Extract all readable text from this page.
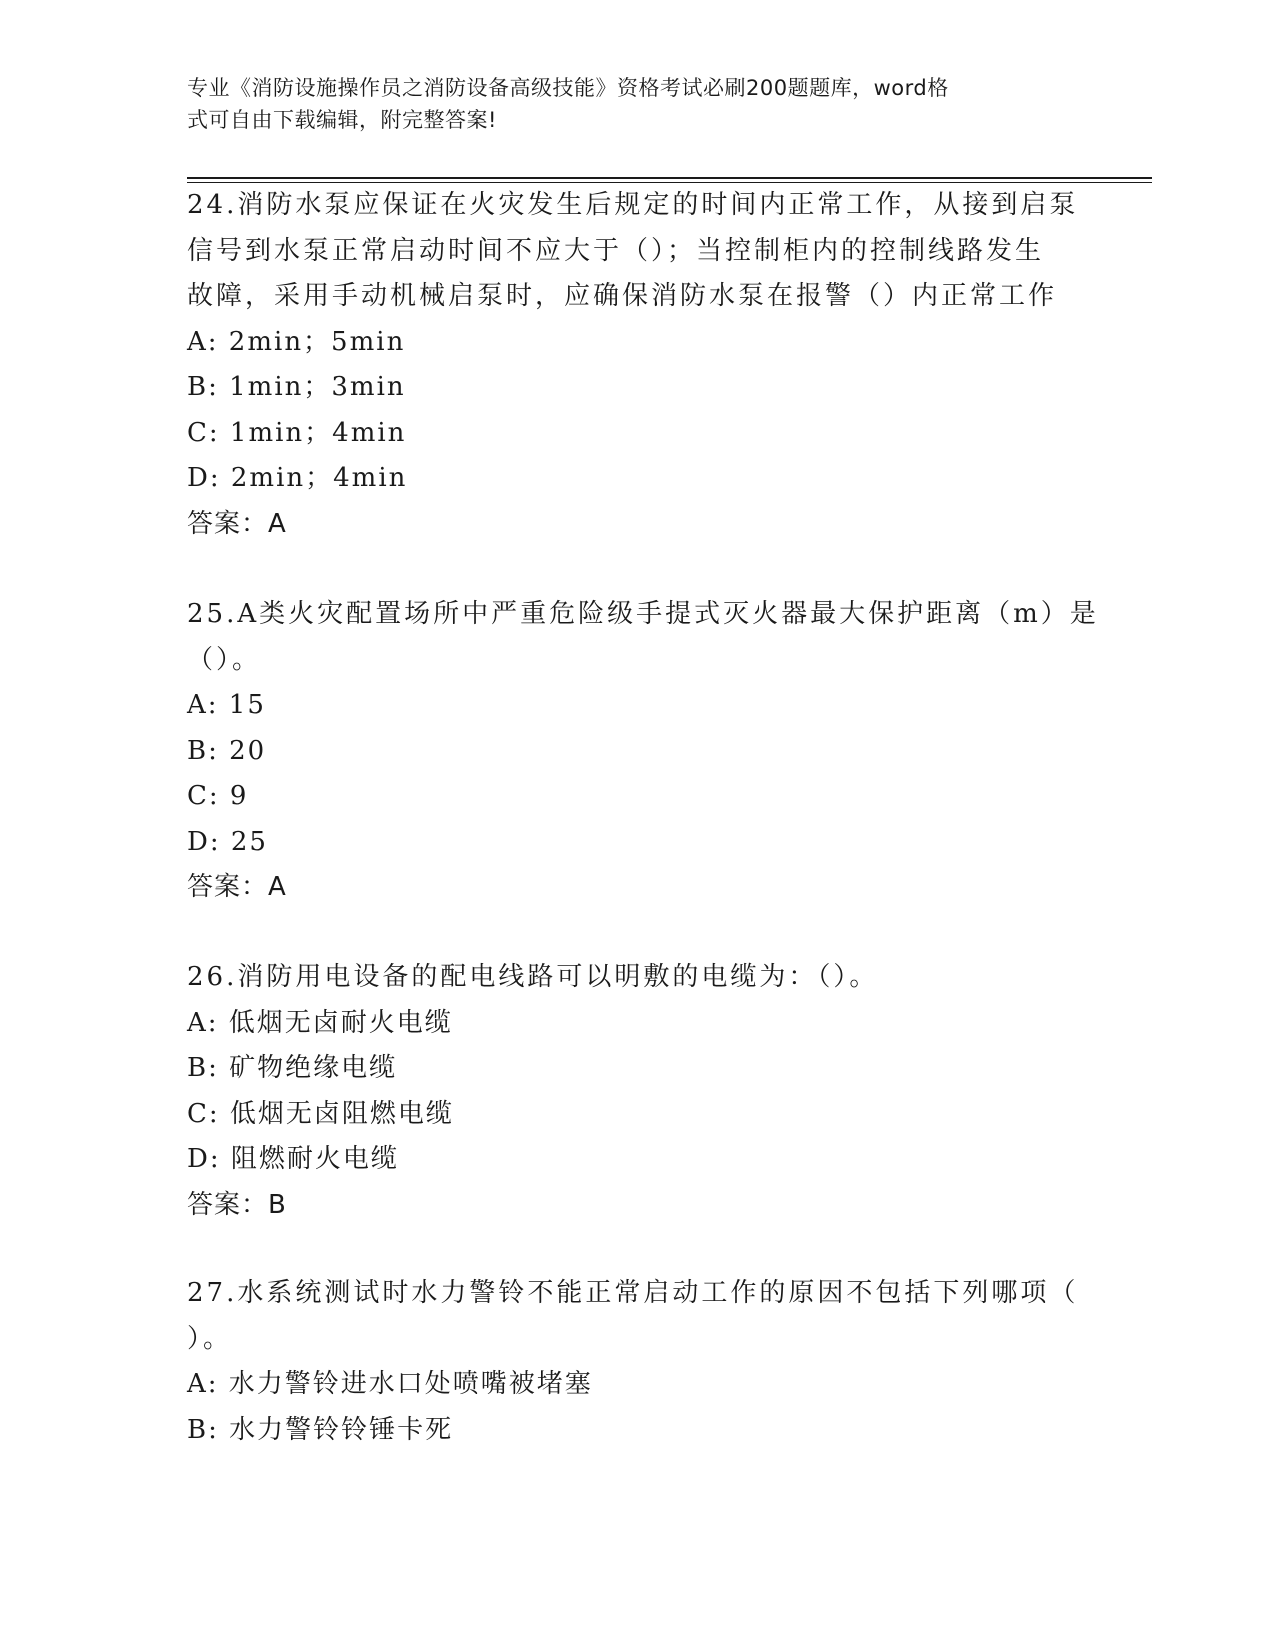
专业《消防设施操作员之消防设备高级技能》资格考试必刷200题题库，word格
式可自由下载编辑，附完整答案!
24.消防水泵应保证在火灾发生后规定的时间内正常工作，从接到启泵
信号到水泵正常启动时间不应大于（）；当控制柜内的控制线路发生
故障，采用手动机械启泵时，应确保消防水泵在报警（）内正常工作
A: 2min；5min
B: 1min；3min
C: 1min；4min
D: 2min；4min
答案：A
25.A类火灾配置场所中严重危险级手提式灭火器最大保护距离（m）是
（）。
A: 15
B: 20
C: 9
D: 25
答案：A
26.消防用电设备的配电线路可以明敷的电缆为：（）。
A: 低烟无卤耐火电缆
B: 矿物绝缘电缆
C: 低烟无卤阻燃电缆
D: 阻燃耐火电缆
答案：B
27.水系统测试时水力警铃不能正常启动工作的原因不包括下列哪项（
）。
A: 水力警铃进水口处喷嘴被堵塞
B: 水力警铃铃锤卡死
